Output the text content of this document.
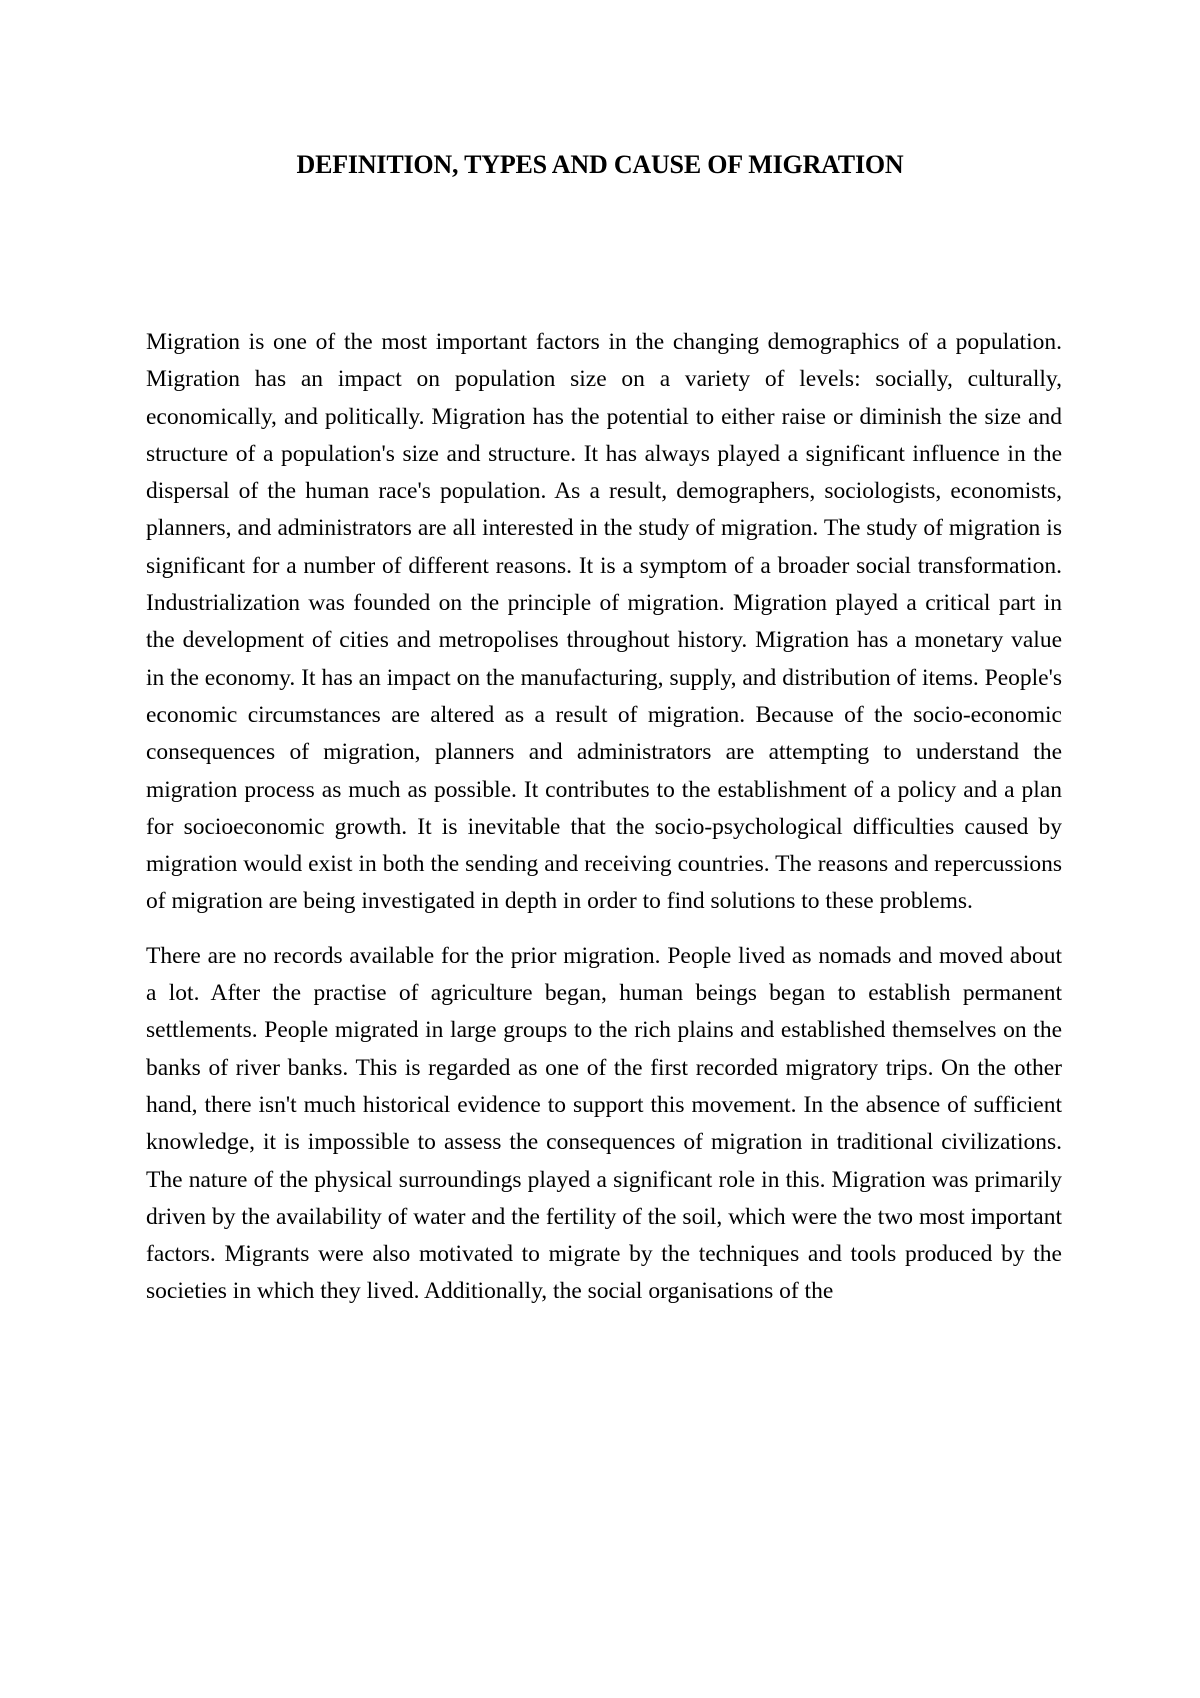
DEFINITION, TYPES AND CAUSE OF MIGRATION

Migration is one of the most important factors in the changing demographics of a population. Migration has an impact on population size on a variety of levels: socially, culturally, economically, and politically. Migration has the potential to either raise or diminish the size and structure of a population's size and structure. It has always played a significant influence in the dispersal of the human race's population. As a result, demographers, sociologists, economists, planners, and administrators are all interested in the study of migration. The study of migration is significant for a number of different reasons. It is a symptom of a broader social transformation. Industrialization was founded on the principle of migration. Migration played a critical part in the development of cities and metropolises throughout history. Migration has a monetary value in the economy. It has an impact on the manufacturing, supply, and distribution of items. People's economic circumstances are altered as a result of migration. Because of the socio-economic consequences of migration, planners and administrators are attempting to understand the migration process as much as possible. It contributes to the establishment of a policy and a plan for socioeconomic growth. It is inevitable that the socio-psychological difficulties caused by migration would exist in both the sending and receiving countries. The reasons and repercussions of migration are being investigated in depth in order to find solutions to these problems.

There are no records available for the prior migration. People lived as nomads and moved about a lot. After the practise of agriculture began, human beings began to establish permanent settlements. People migrated in large groups to the rich plains and established themselves on the banks of river banks. This is regarded as one of the first recorded migratory trips. On the other hand, there isn't much historical evidence to support this movement. In the absence of sufficient knowledge, it is impossible to assess the consequences of migration in traditional civilizations. The nature of the physical surroundings played a significant role in this. Migration was primarily driven by the availability of water and the fertility of the soil, which were the two most important factors. Migrants were also motivated to migrate by the techniques and tools produced by the societies in which they lived. Additionally, the social organisations of the
